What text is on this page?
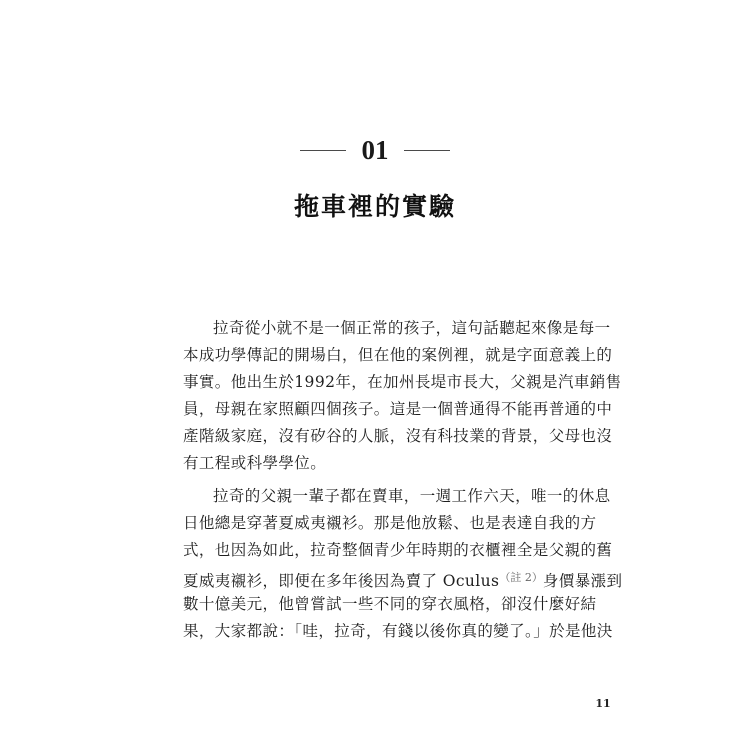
01
拖車裡的實驗
拉奇從小就不是一個正常的孩子，這句話聽起來像是每一
本成功學傳記的開場白，但在他的案例裡，就是字面意義上的
事實。他出生於1992年，在加州長堤市長大，父親是汽車銷售
員，母親在家照顧四個孩子。這是一個普通得不能再普通的中
產階級家庭，沒有矽谷的人脈，沒有科技業的背景，父母也沒
有工程或科學學位。
拉奇的父親一輩子都在賣車，一週工作六天，唯一的休息
日他總是穿著夏威夷襯衫。那是他放鬆、也是表達自我的方
式，也因為如此，拉奇整個青少年時期的衣櫃裡全是父親的舊
夏威夷襯衫，即便在多年後因為賣了 Oculus$^{(註 2)}$身價暴漲到
數十億美元，他曾嘗試一些不同的穿衣風格，卻沒什麼好結
果，大家都說：「哇，拉奇，有錢以後你真的變了。」於是他決
11
